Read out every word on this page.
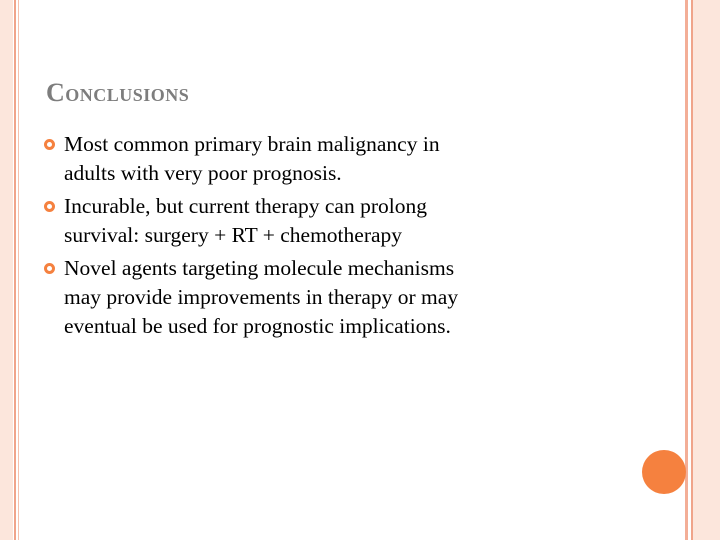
Conclusions
Most common primary brain malignancy in
adults with very poor prognosis.
Incurable, but current therapy can prolong
survival: surgery + RT + chemotherapy
Novel agents targeting molecule mechanisms
may provide improvements in therapy or may
eventual be used for prognostic implications.
